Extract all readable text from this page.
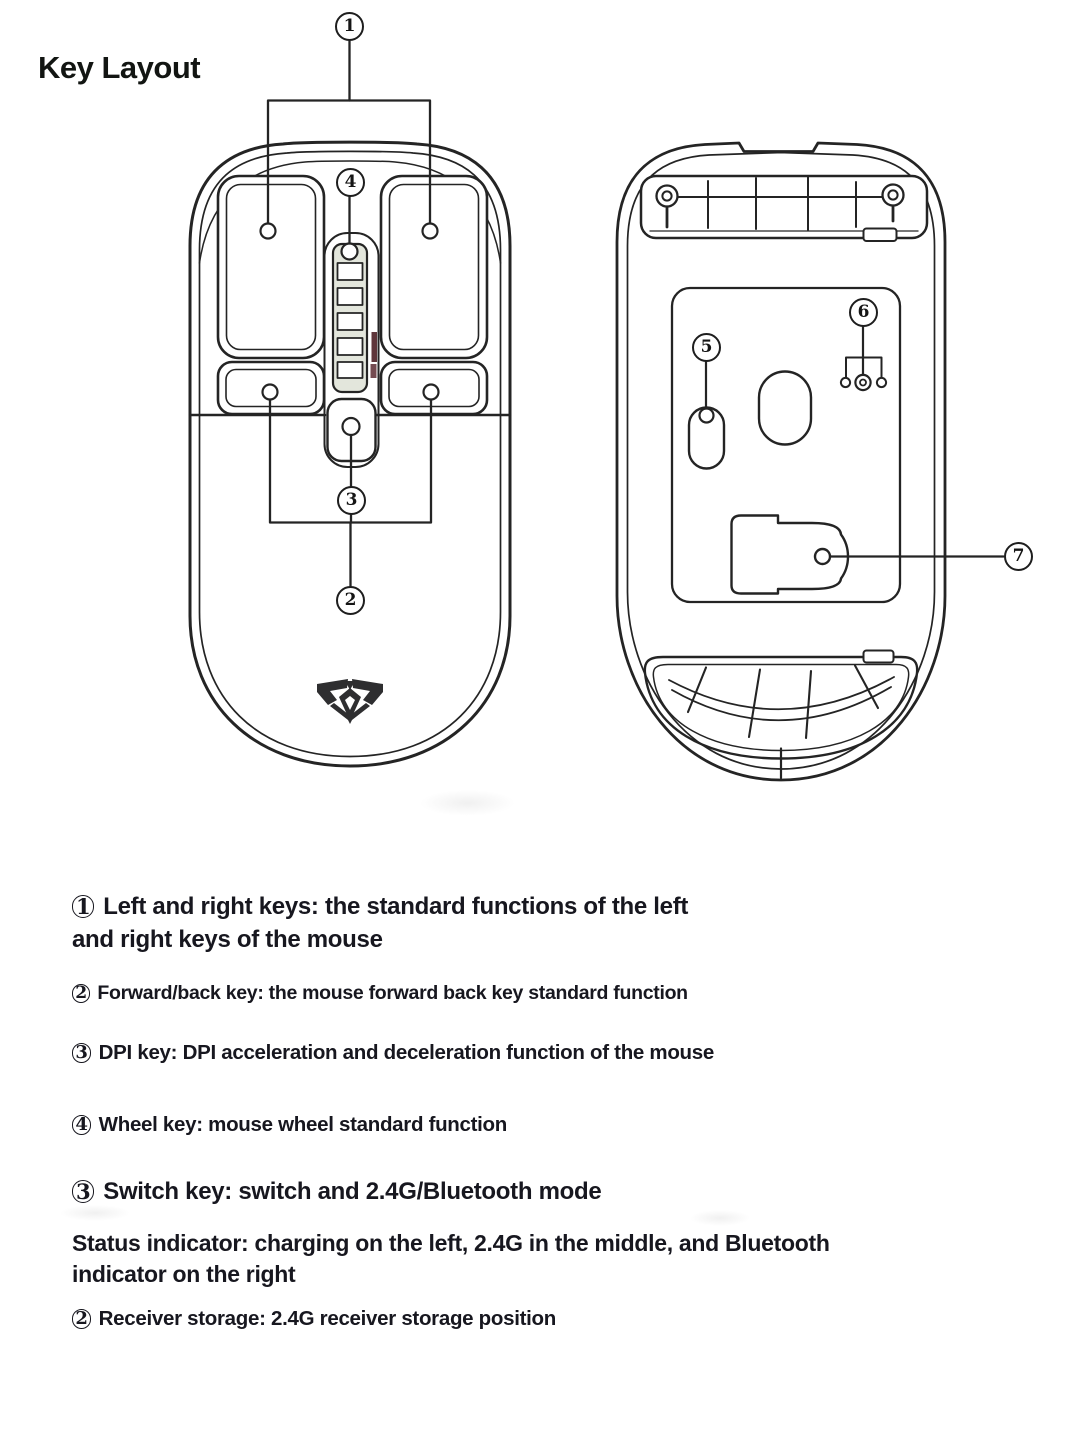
Key Layout
1
4
3
2
5
6
7
1 Left and right keys: the standard functions of the left
and right keys of the mouse
2 Forward/back key: the mouse forward back key standard function
3 DPI key: DPI acceleration and deceleration function of the mouse
4 Wheel key: mouse wheel standard function
3 Switch key: switch and 2.4G/Bluetooth mode
Status indicator: charging on the left, 2.4G in the middle, and Bluetooth
indicator on the right
2 Receiver storage: 2.4G receiver storage position
